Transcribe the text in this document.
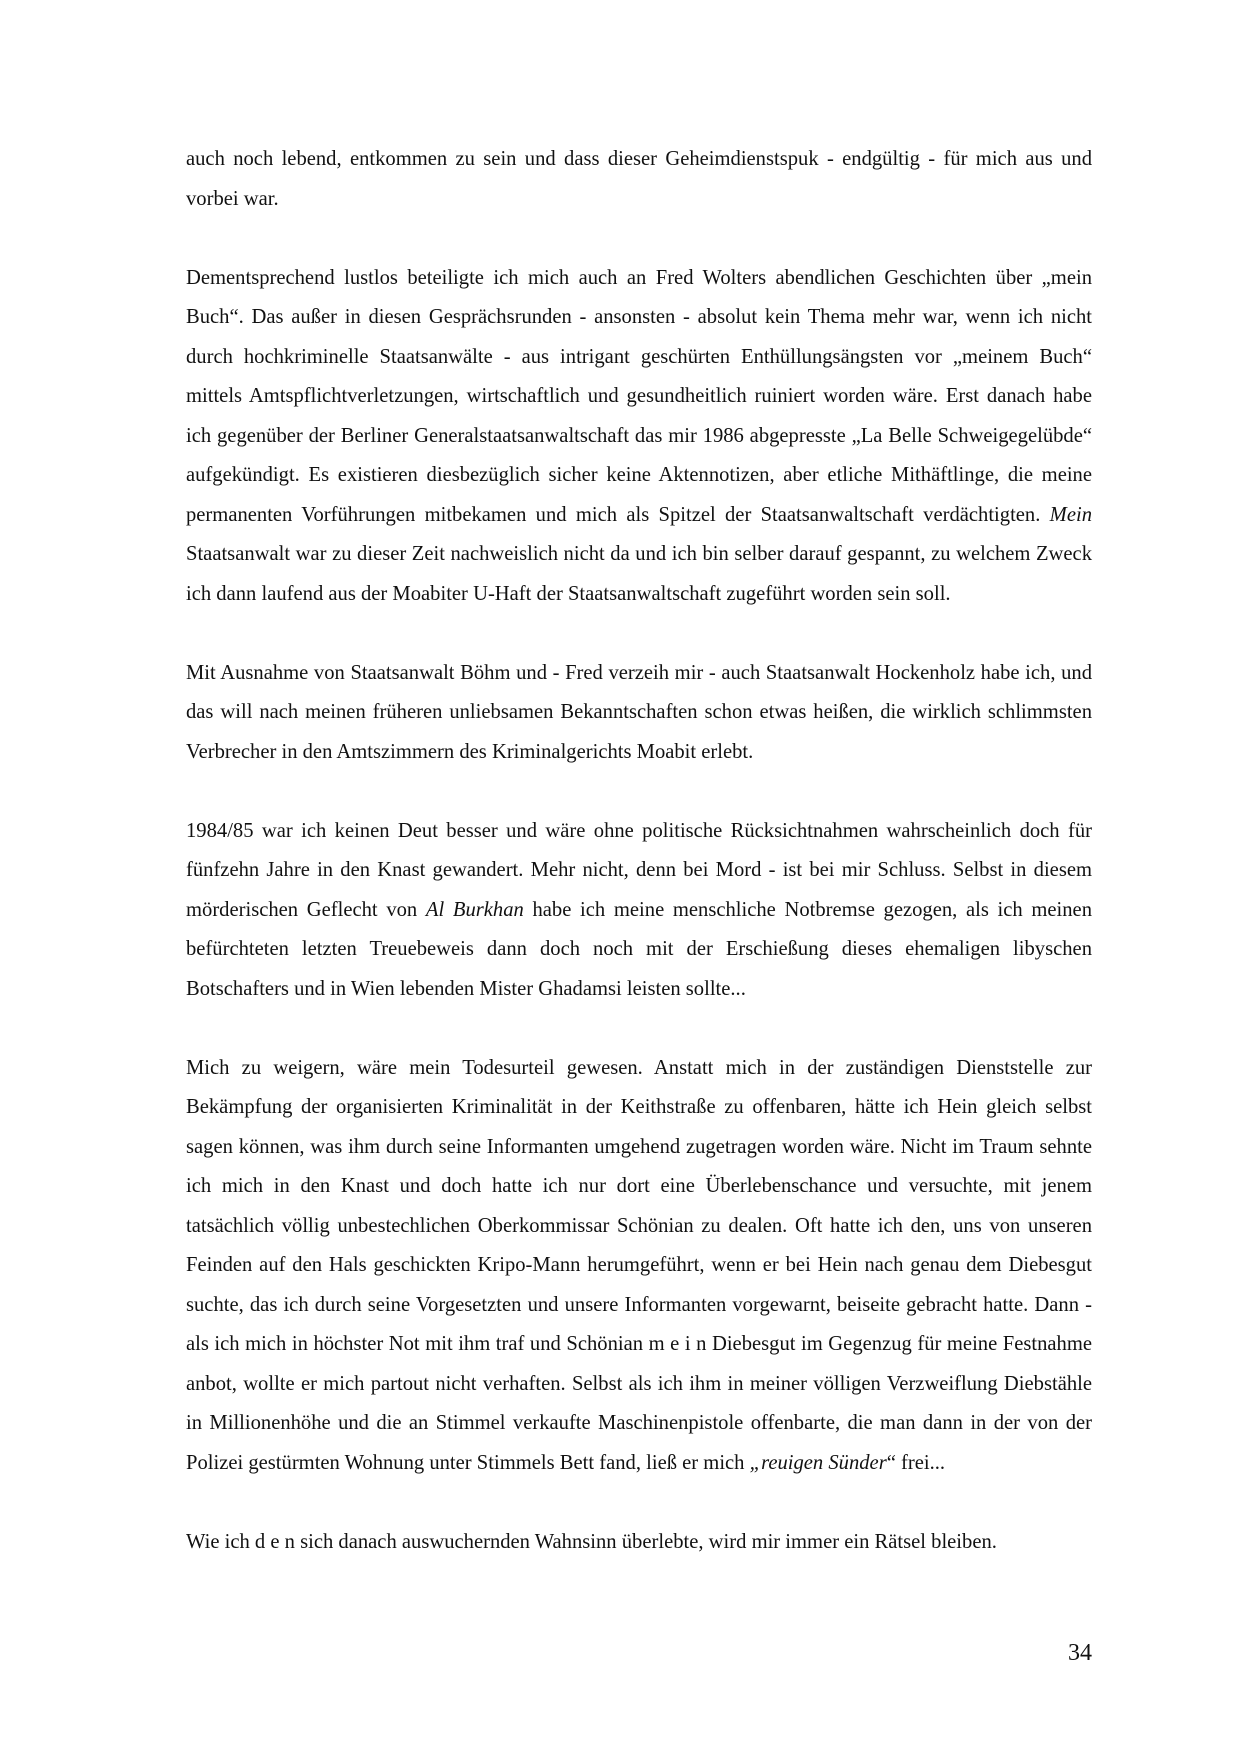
auch noch lebend, entkommen zu sein und dass dieser Geheimdienstspuk - endgültig - für mich aus und vorbei war.

Dementsprechend lustlos beteiligte ich mich auch an Fred Wolters abendlichen Geschichten über „mein Buch“. Das außer in diesen Gesprächsrunden - ansonsten - absolut kein Thema mehr war, wenn ich nicht durch hochkriminelle Staatsanwälte - aus intrigant geschürten Enthüllungsängsten vor „meinem Buch“ mittels Amtspflichtverletzungen, wirtschaftlich und gesundheitlich ruiniert worden wäre. Erst danach habe ich gegenüber der Berliner Generalstaatsanwaltschaft das mir 1986 abgepresste „La Belle Schweigegelübde“ aufgekündigt. Es existieren diesbezüglich sicher keine Aktennotizen, aber etliche Mithäftlinge, die meine permanenten Vorführungen mitbekamen und mich als Spitzel der Staatsanwaltschaft verdächtigten. Mein Staatsanwalt war zu dieser Zeit nachweislich nicht da und ich bin selber darauf gespannt, zu welchem Zweck ich dann laufend aus der Moabiter U-Haft der Staatsanwaltschaft zugeführt worden sein soll.

Mit Ausnahme von Staatsanwalt Böhm und - Fred verzeih mir - auch Staatsanwalt Hockenholz habe ich, und das will nach meinen früheren unliebsamen Bekanntschaften schon etwas heißen, die wirklich schlimmsten Verbrecher in den Amtszimmern des Kriminalgerichts Moabit erlebt.

1984/85 war ich keinen Deut besser und wäre ohne politische Rücksichtnahmen wahrscheinlich doch für fünfzehn Jahre in den Knast gewandert. Mehr nicht, denn bei Mord - ist bei mir Schluss. Selbst in diesem mörderischen Geflecht von Al Burkhan habe ich meine menschliche Notbremse gezogen, als ich meinen befürchteten letzten Treuebeweis dann doch noch mit der Erschießung dieses ehemaligen libyschen Botschafters und in Wien lebenden Mister Ghadamsi leisten sollte...

Mich zu weigern, wäre mein Todesurteil gewesen. Anstatt mich in der zuständigen Dienststelle zur Bekämpfung der organisierten Kriminalität in der Keithstraße zu offenbaren, hätte ich Hein gleich selbst sagen können, was ihm durch seine Informanten umgehend zugetragen worden wäre. Nicht im Traum sehnte ich mich in den Knast und doch hatte ich nur dort eine Überlebenschance und versuchte, mit jenem tatsächlich völlig unbestechlichen Oberkommissar Schönian zu dealen. Oft hatte ich den, uns von unseren Feinden auf den Hals geschickten Kripo-Mann herumgeführt, wenn er bei Hein nach genau dem Diebesgut suchte, das ich durch seine Vorgesetzten und unsere Informanten vorgewarnt, beiseite gebracht hatte. Dann - als ich mich in höchster Not mit ihm traf und Schönian m e i n Diebesgut im Gegenzug für meine Festnahme anbot, wollte er mich partout nicht verhaften. Selbst als ich ihm in meiner völligen Verzweiflung Diebstähle in Millionenhöhe und die an Stimmel verkaufte Maschinenpistole offenbarte, die man dann in der von der Polizei gestürmten Wohnung unter Stimmels Bett fand, ließ er mich „reuigen Sünder“ frei...

Wie ich d e n sich danach auswuchernden Wahnsinn überlebte, wird mir immer ein Rätsel bleiben.

34
